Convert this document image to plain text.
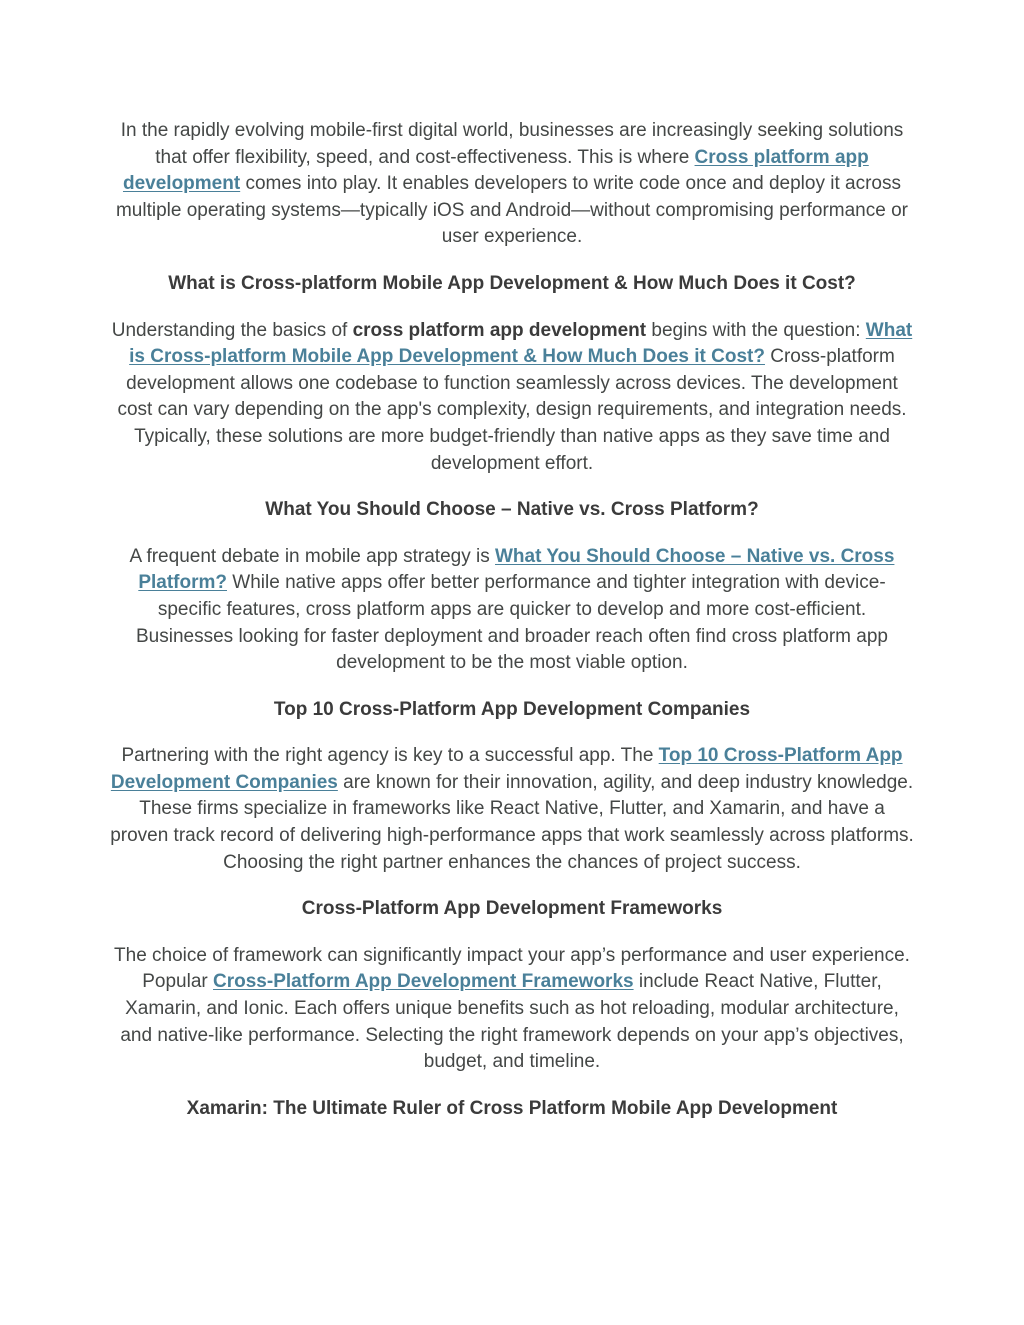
In the rapidly evolving mobile-first digital world, businesses are increasingly seeking solutions that offer flexibility, speed, and cost-effectiveness. This is where Cross platform app development comes into play. It enables developers to write code once and deploy it across multiple operating systems—typically iOS and Android—without compromising performance or user experience.

What is Cross-platform Mobile App Development & How Much Does it Cost?

Understanding the basics of cross platform app development begins with the question: What is Cross-platform Mobile App Development & How Much Does it Cost? Cross-platform development allows one codebase to function seamlessly across devices. The development cost can vary depending on the app's complexity, design requirements, and integration needs. Typically, these solutions are more budget-friendly than native apps as they save time and development effort.

What You Should Choose – Native vs. Cross Platform?

A frequent debate in mobile app strategy is What You Should Choose – Native vs. Cross Platform? While native apps offer better performance and tighter integration with device-specific features, cross platform apps are quicker to develop and more cost-efficient. Businesses looking for faster deployment and broader reach often find cross platform app development to be the most viable option.

Top 10 Cross-Platform App Development Companies

Partnering with the right agency is key to a successful app. The Top 10 Cross-Platform App Development Companies are known for their innovation, agility, and deep industry knowledge. These firms specialize in frameworks like React Native, Flutter, and Xamarin, and have a proven track record of delivering high-performance apps that work seamlessly across platforms. Choosing the right partner enhances the chances of project success.

Cross-Platform App Development Frameworks

The choice of framework can significantly impact your app’s performance and user experience. Popular Cross-Platform App Development Frameworks include React Native, Flutter, Xamarin, and Ionic. Each offers unique benefits such as hot reloading, modular architecture, and native-like performance. Selecting the right framework depends on your app’s objectives, budget, and timeline.

Xamarin: The Ultimate Ruler of Cross Platform Mobile App Development
